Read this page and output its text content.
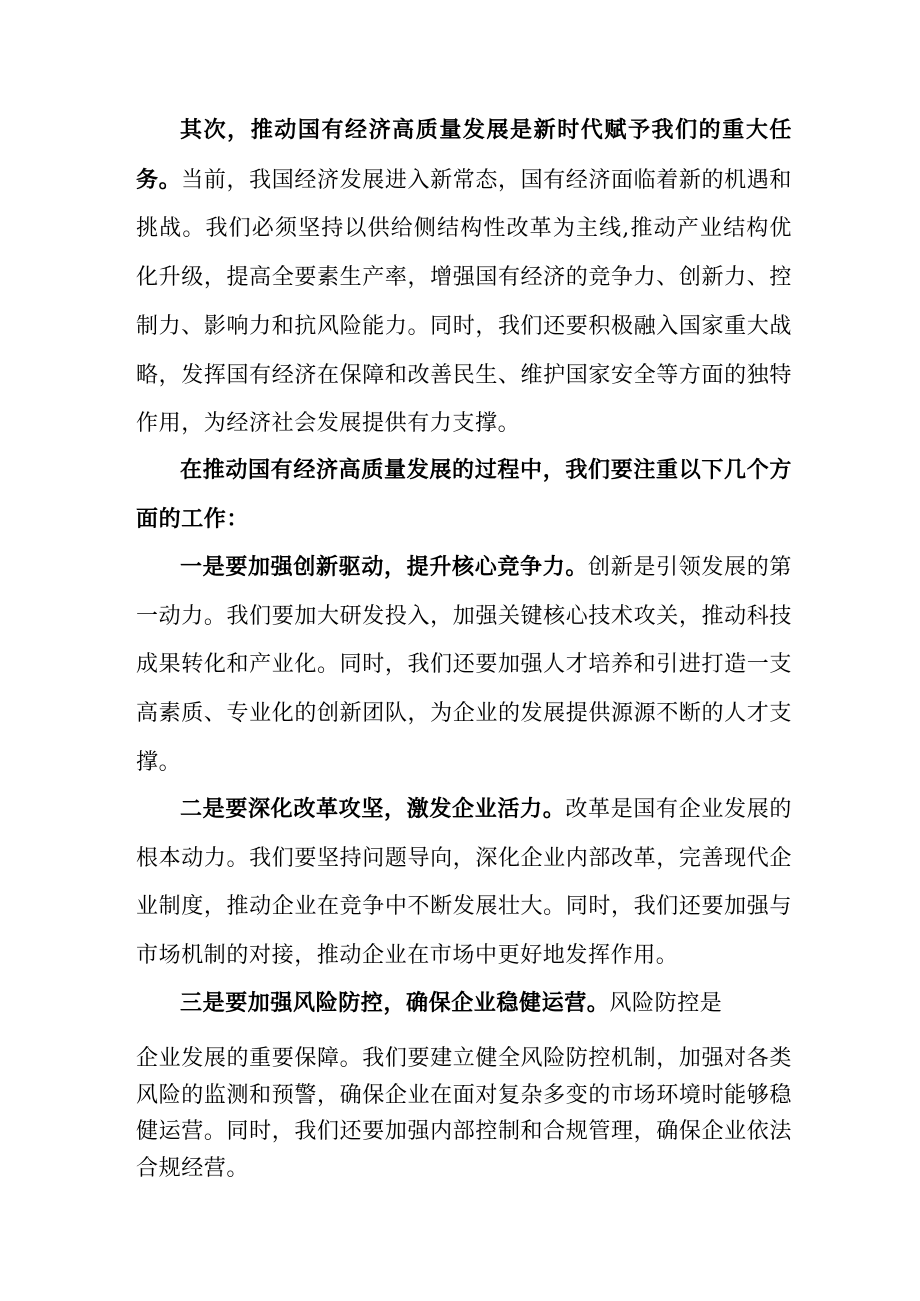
其次，推动国有经济高质量发展是新时代赋予我们的重大任务。当前，我国经济发展进入新常态，国有经济面临着新的机遇和挑战。我们必须坚持以供给侧结构性改革为主线,推动产业结构优化升级，提高全要素生产率，增强国有经济的竞争力、创新力、控制力、影响力和抗风险能力。同时，我们还要积极融入国家重大战略，发挥国有经济在保障和改善民生、维护国家安全等方面的独特作用，为经济社会发展提供有力支撑。

在推动国有经济高质量发展的过程中，我们要注重以下几个方面的工作：

一是要加强创新驱动，提升核心竞争力。创新是引领发展的第一动力。我们要加大研发投入，加强关键核心技术攻关，推动科技成果转化和产业化。同时，我们还要加强人才培养和引进打造一支高素质、专业化的创新团队，为企业的发展提供源源不断的人才支撑。

二是要深化改革攻坚，激发企业活力。改革是国有企业发展的根本动力。我们要坚持问题导向，深化企业内部改革，完善现代企业制度，推动企业在竞争中不断发展壮大。同时，我们还要加强与市场机制的对接，推动企业在市场中更好地发挥作用。

三是要加强风险防控，确保企业稳健运营。风险防控是

企业发展的重要保障。我们要建立健全风险防控机制，加强对各类风险的监测和预警，确保企业在面对复杂多变的市场环境时能够稳健运营。同时，我们还要加强内部控制和合规管理，确保企业依法合规经营。
